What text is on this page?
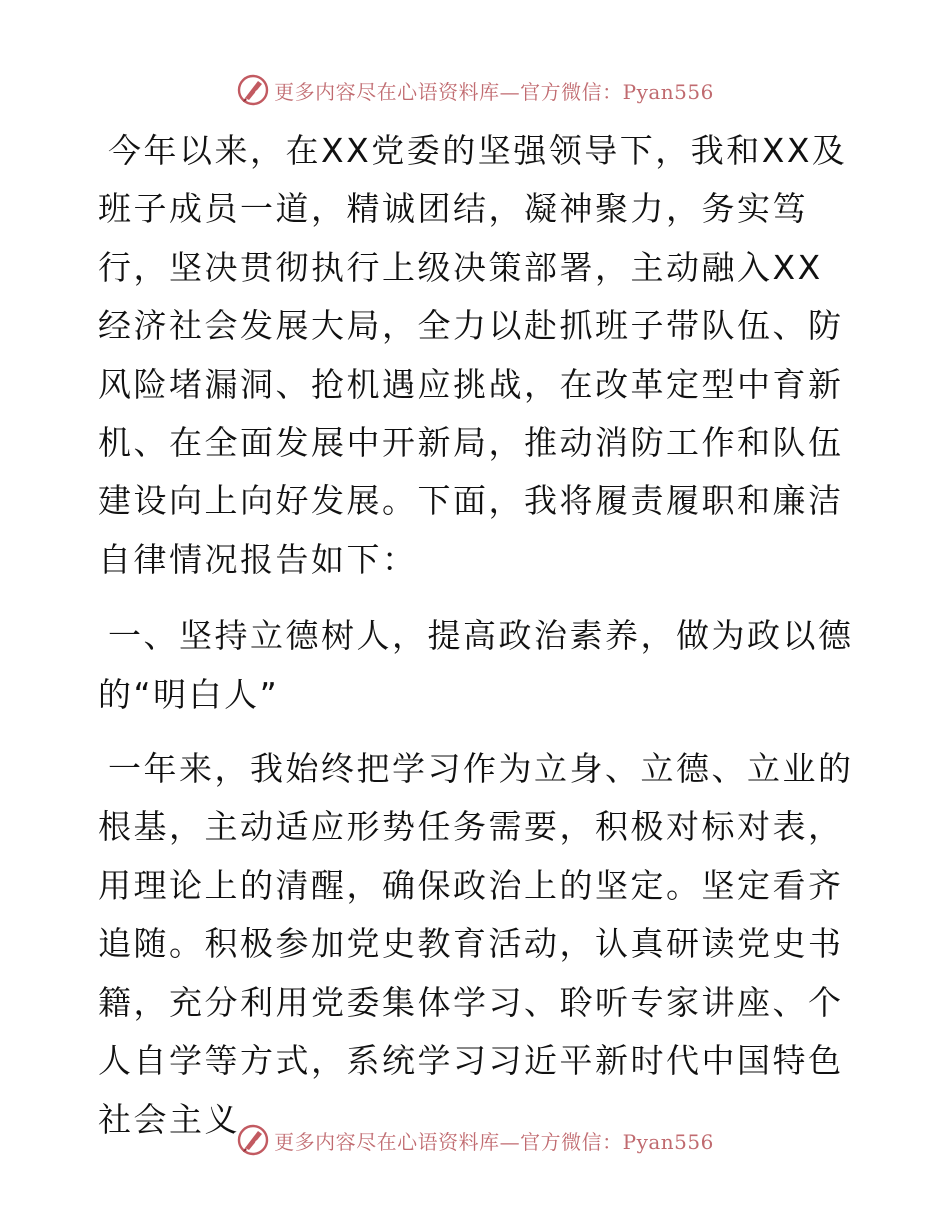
更多内容尽在心语资料库—官方微信：Pyan556

今年以来，在XX党委的坚强领导下，我和XX及班子成员一道，精诚团结，凝神聚力，务实笃行，坚决贯彻执行上级决策部署，主动融入XX经济社会发展大局，全力以赴抓班子带队伍、防风险堵漏洞、抢机遇应挑战，在改革定型中育新机、在全面发展中开新局，推动消防工作和队伍建设向上向好发展。下面，我将履责履职和廉洁自律情况报告如下：

一、坚持立德树人，提高政治素养，做为政以德的“明白人”

一年来，我始终把学习作为立身、立德、立业的根基，主动适应形势任务需要，积极对标对表，用理论上的清醒，确保政治上的坚定。坚定看齐追随。积极参加党史教育活动，认真研读党史书籍，充分利用党委集体学习、聆听专家讲座、个人自学等方式，系统学习习近平新时代中国特色社会主义

更多内容尽在心语资料库—官方微信：Pyan556
